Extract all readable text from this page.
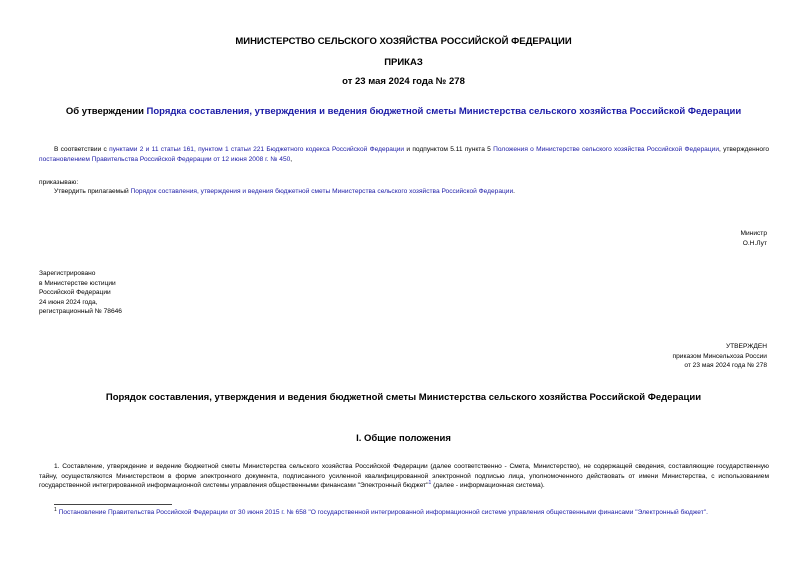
МИНИСТЕРСТВО СЕЛЬСКОГО ХОЗЯЙСТВА РОССИЙСКОЙ ФЕДЕРАЦИИ
ПРИКАЗ
от 23 мая 2024 года № 278
Об утверждении Порядка составления, утверждения и ведения бюджетной сметы Министерства сельского хозяйства Российской Федерации
В соответствии с пунктами 2 и 11 статьи 161, пунктом 1 статьи 221 Бюджетного кодекса Российской Федерации и подпунктом 5.11 пункта 5 Положения о Министерстве сельского хозяйства Российской Федерации, утвержденного постановлением Правительства Российской Федерации от 12 июня 2008 г. № 450,
приказываю:
Утвердить прилагаемый Порядок составления, утверждения и ведения бюджетной сметы Министерства сельского хозяйства Российской Федерации.
Министр
О.Н.Лут
Зарегистрировано
в Министерстве юстиции
Российской Федерации
24 июня 2024 года,
регистрационный № 78646
УТВЕРЖДЕН
приказом Минсельхоза России
от 23 мая 2024 года № 278
Порядок составления, утверждения и ведения бюджетной сметы Министерства сельского хозяйства Российской Федерации
I. Общие положения
1. Составление, утверждение и ведение бюджетной сметы Министерства сельского хозяйства Российской Федерации (далее соответственно - Смета, Министерство), не содержащей сведения, составляющие государственную тайну, осуществляются Министерством в форме электронного документа, подписанного усиленной квалифицированной электронной подписью лица, уполномоченного действовать от имени Министерства, с использованием государственной интегрированной информационной системы управления общественными финансами "Электронный бюджет"$^1$ (далее - информационная система).
$^1$ Постановление Правительства Российской Федерации от 30 июня 2015 г. № 658 "О государственной интегрированной информационной системе управления общественными финансами "Электронный бюджет".
